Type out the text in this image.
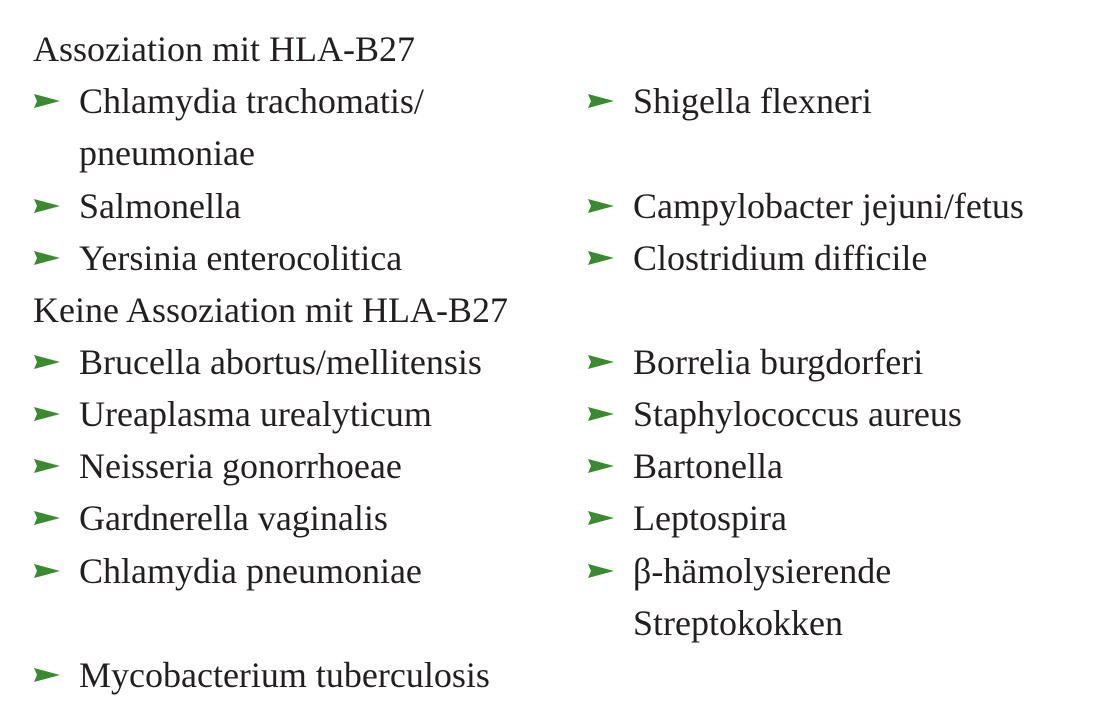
Assoziation mit HLA-B27
Chlamydia trachomatis/
pneumoniae
Salmonella
Yersinia enterocolitica
Shigella flexneri
Campylobacter jejuni/fetus
Clostridium difficile
Keine Assoziation mit HLA-B27
Brucella abortus/mellitensis
Ureaplasma urealyticum
Neisseria gonorrhoeae
Gardnerella vaginalis
Chlamydia pneumoniae
Mycobacterium tuberculosis
Borrelia burgdorferi
Staphylococcus aureus
Bartonella
Leptospira
β-hämolysierende
Streptokokken
